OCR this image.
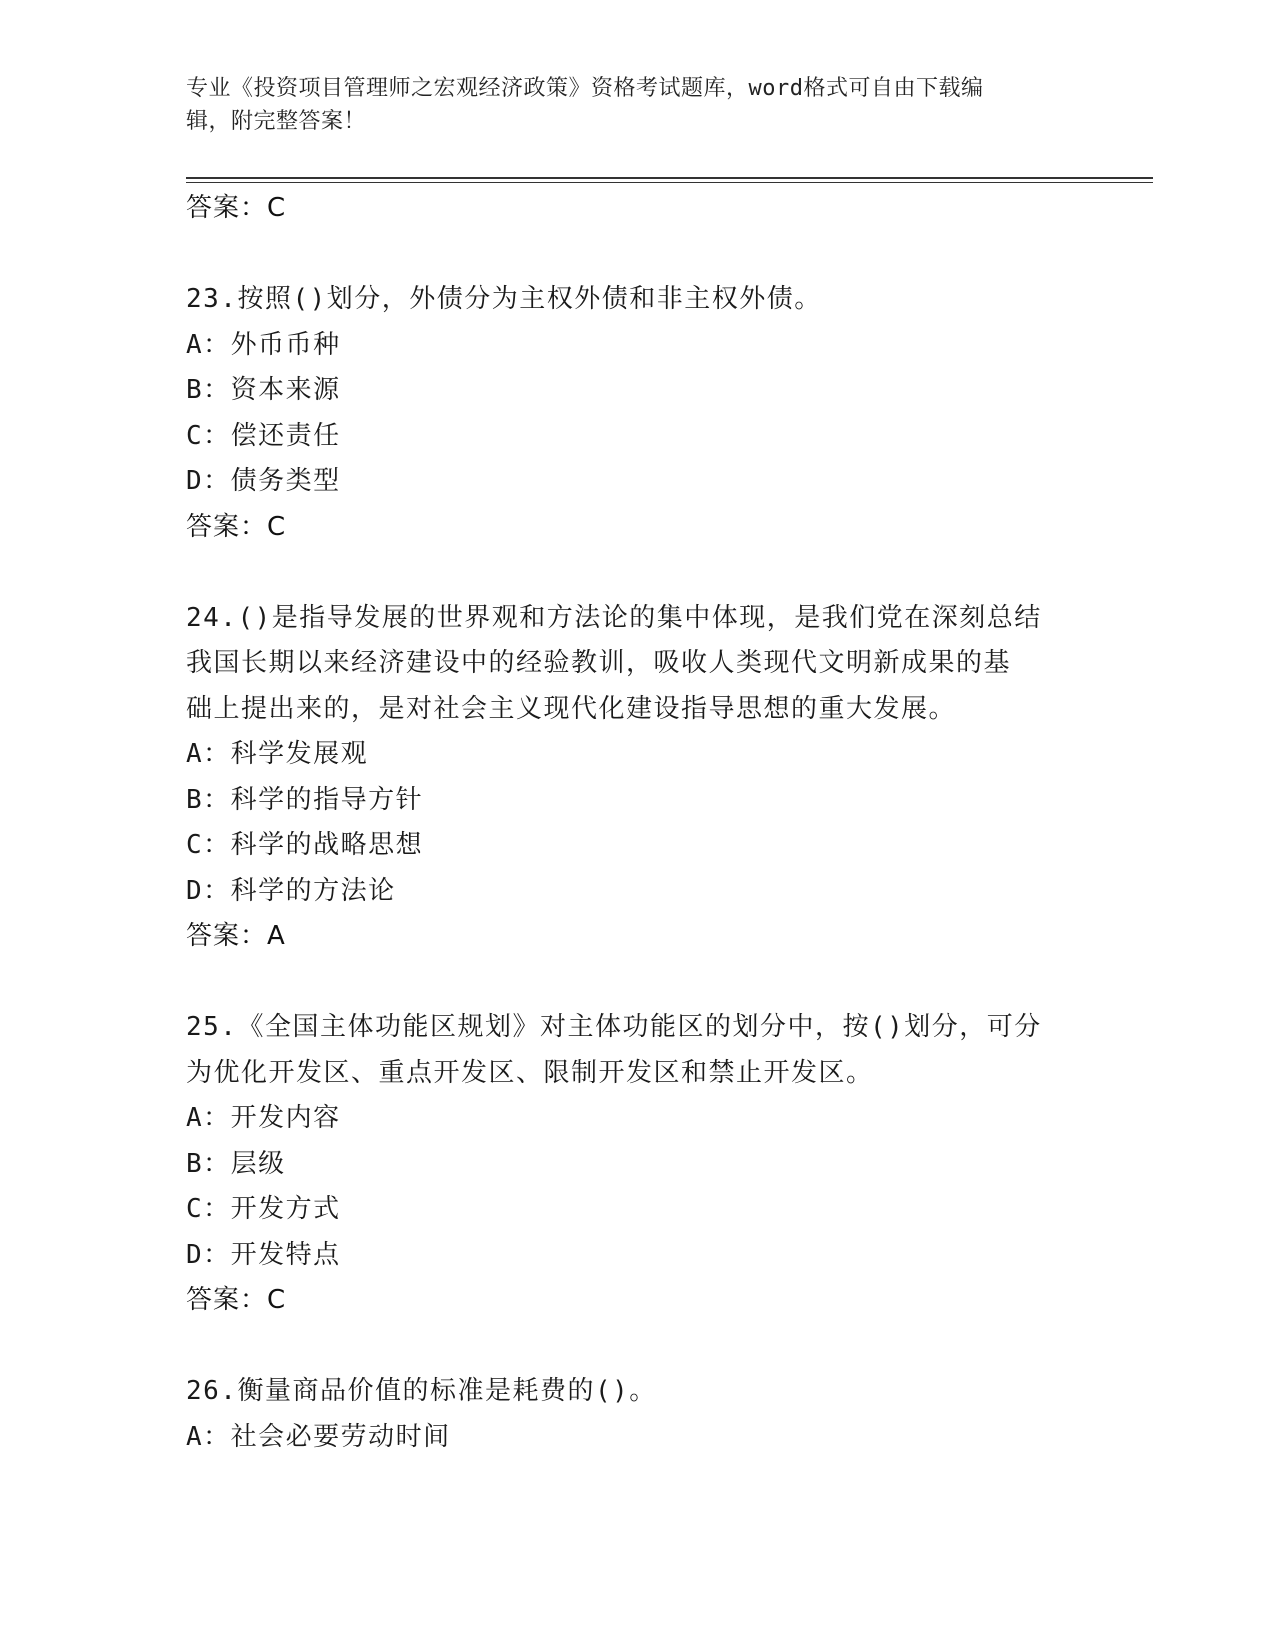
专业《投资项目管理师之宏观经济政策》资格考试题库，word格式可自由下载编
辑，附完整答案！
答案：C
23.按照()划分，外债分为主权外债和非主权外债。
A：外币币种
B：资本来源
C：偿还责任
D：债务类型
答案：C
24.()是指导发展的世界观和方法论的集中体现，是我们党在深刻总结
我国长期以来经济建设中的经验教训，吸收人类现代文明新成果的基
础上提出来的，是对社会主义现代化建设指导思想的重大发展。
A：科学发展观
B：科学的指导方针
C：科学的战略思想
D：科学的方法论
答案：A
25.《全国主体功能区规划》对主体功能区的划分中，按()划分，可分
为优化开发区、重点开发区、限制开发区和禁止开发区。
A：开发内容
B：层级
C：开发方式
D：开发特点
答案：C
26.衡量商品价值的标准是耗费的()。
A：社会必要劳动时间
